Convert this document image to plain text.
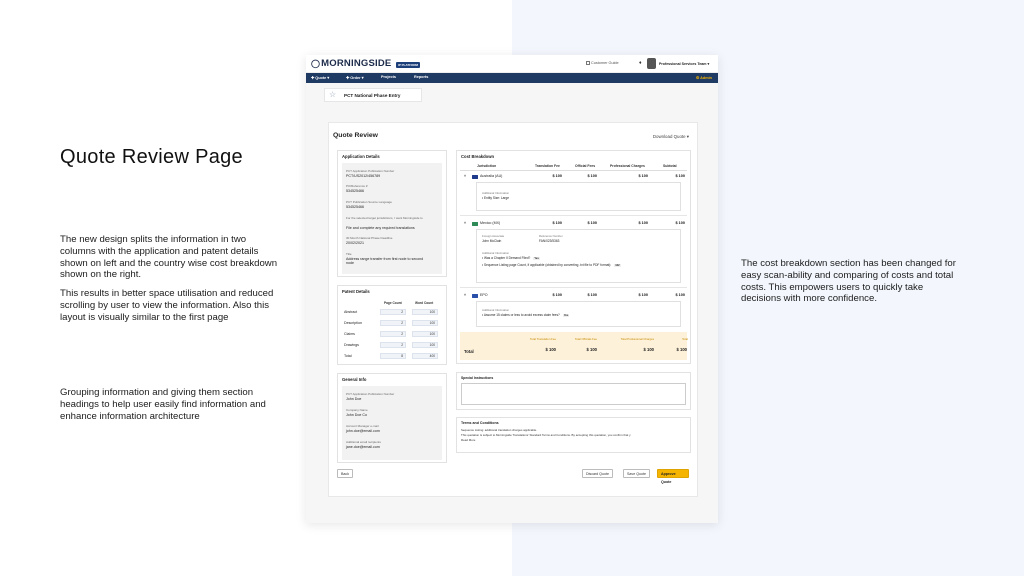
Quote Review Page

The new design splits the information in two columns with the application and patent details shown on left and the country wise cost breakdown shown on the right.

This results in better space utilisation and reduced scrolling by user to view the information. Also this layout is visually similar to the first page

Grouping information and giving them section headings to help user easily find information and enhance information architecture

The cost breakdown section has been changed for easy scan-ability and comparing of costs and total costs. This empowers users to quickly take decisions with more confidence.

◯MORNINGSIDE	IP PLATFORM	Customer Guide	♦	Professional Services Team ▾
✚ Quote ▾	✚ Order ▾	Projects	Reports	⚙ Admin
☆ PCT National Phase Entry
Quote Review	Download Quote ▾
Application Details
PCT Application Publication Number
PCT/US2012/456789
PO/Reference #
534525466
PCT Publication Source Language
534525466
For the selected target jurisdictions, I want Morningside to
File and complete any required translations
30 Month National Phase Deadline
20/02/2021
Title
Address range transfer from first node to second node
Patent Details
Page Count	Word Count
Abstract	2	100
Description	2	100
Claims	2	100
Drawings	2	100
Total	8	400
General Info
PCT Application Publication Number
John Doe
Company Name
John Doe Co
Account Manager e-mail
john.doe@email.com
Additional email recipients
jane.doe@email.com
Cost Breakdown
Jurisdiction	Translation Fee	Official Fees	Professional Charges	Subtotal
˄	Australia (AU)	$ 100	$ 100	$ 100	$ 100
Additional Information
• Entity Size: Large
˄	Mexico (MX)	$ 100	$ 100	$ 100	$ 100
Foreign Associate
John McClain
Reference Number
FAN/023/5363
Additional Information
• Was a Chapter II Demand Filed? Yes
• Sequence Listing page Count, if applicable (obtained by converting .txt file to PDF format): 122
˄	EPO	$ 100	$ 100	$ 100	$ 100
Additional Information
• Assume 15 claims or less to avoid excess claim fees? Yes
Total Translation Fee	Total Officials Fee	Total Professional Charges	Total
Total	$ 100	$ 100	$ 100	$ 100
Special Instructions
Terms and Conditions
Sequence Listing: additional translation charges applicable.
This quotation is subject to Morningside Translations' Standard Terms and Conditions. By accepting this quotation, you confirm that y
Read More
Back	Discard Quote	Save Quote	Approve Quote
